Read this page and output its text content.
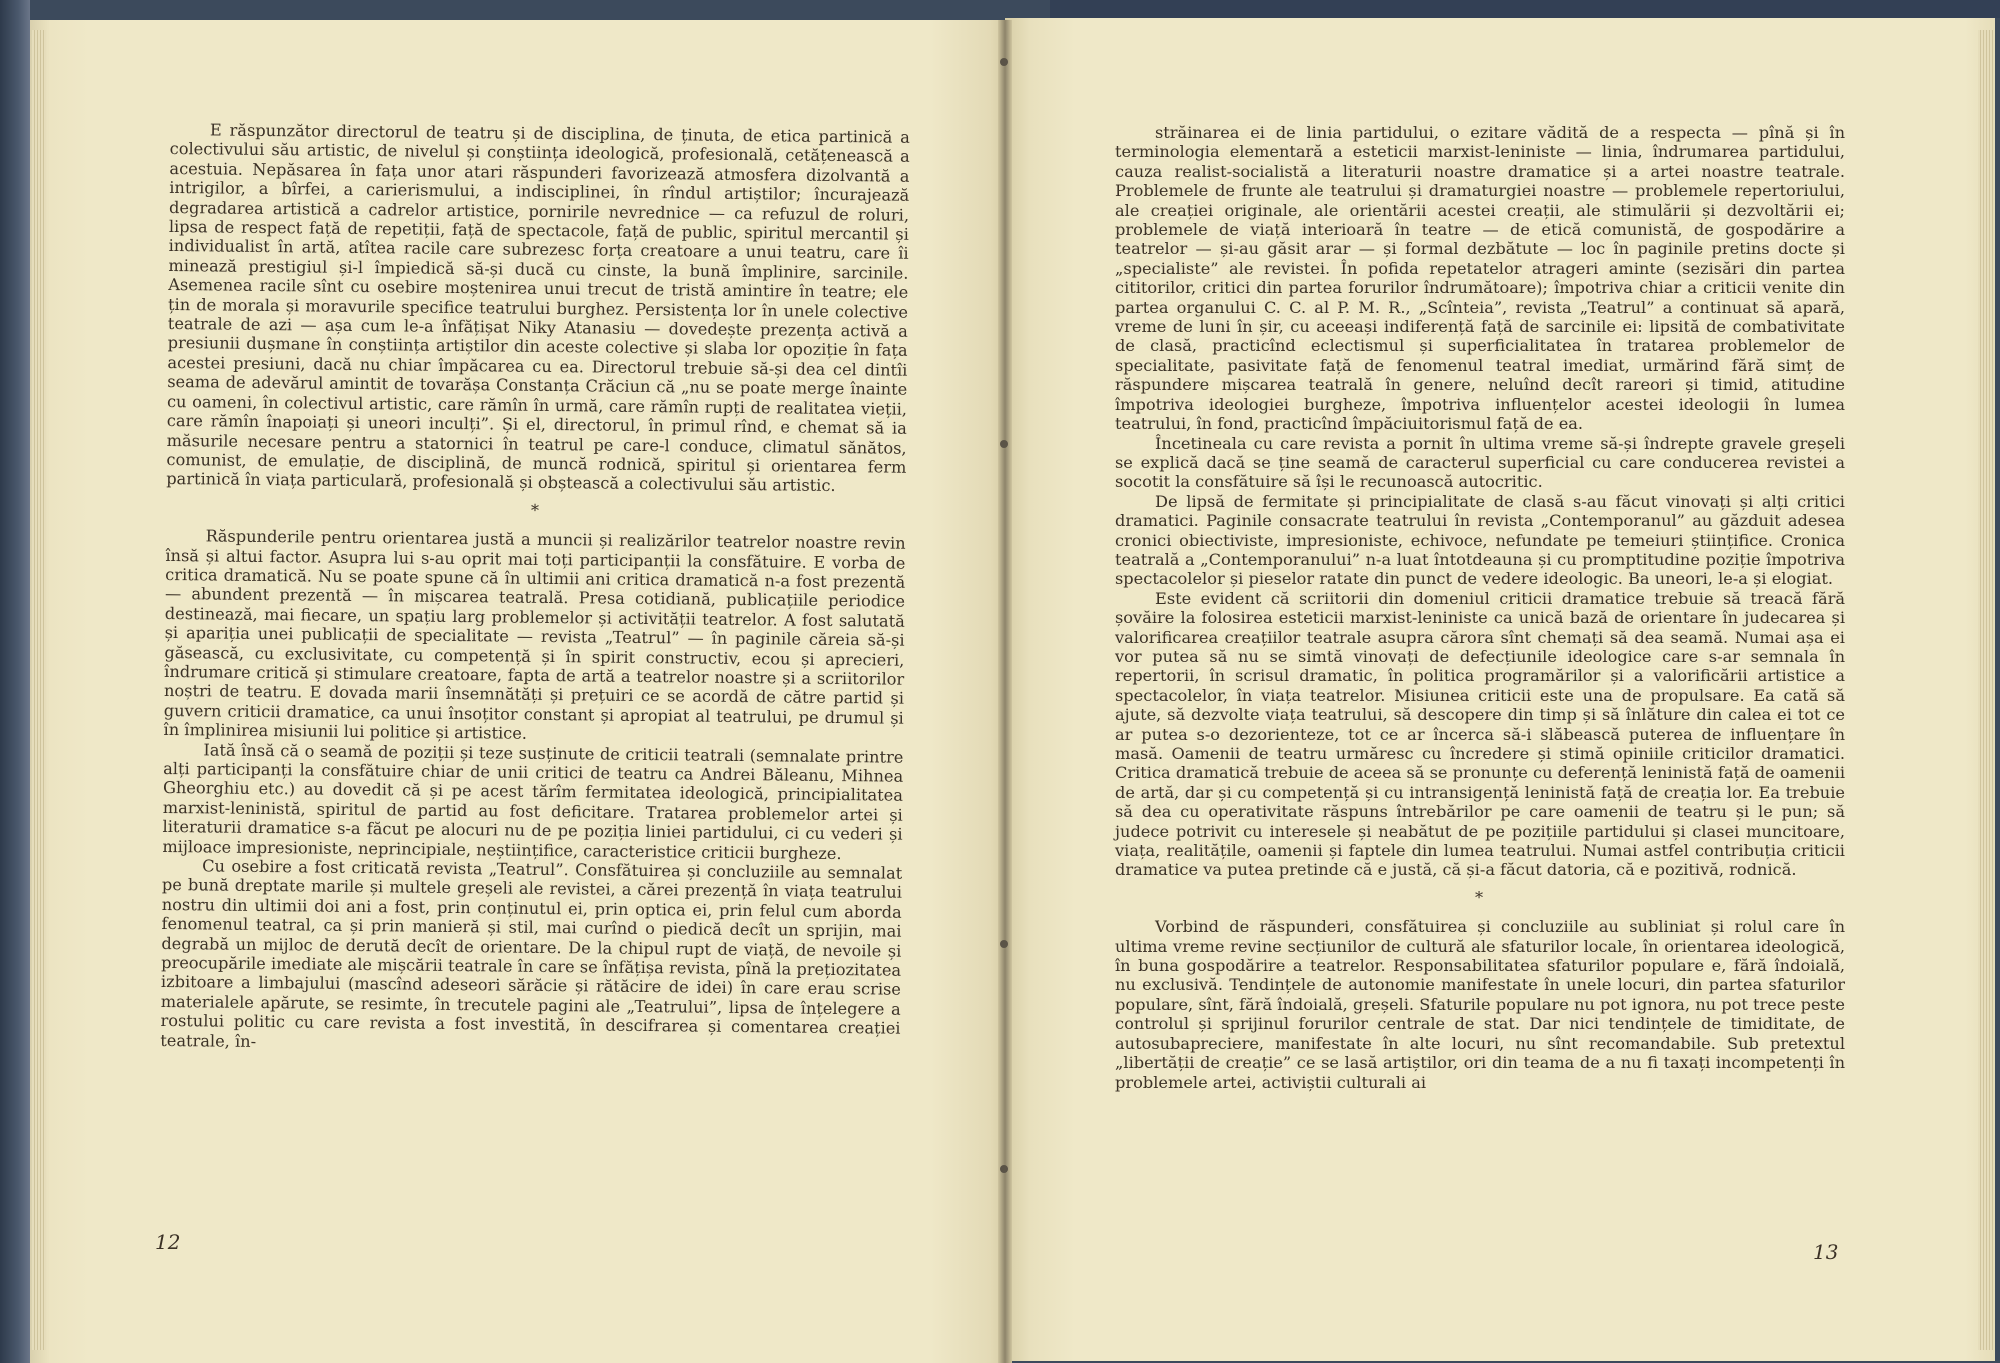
E răspunzător directorul de teatru și de disciplina, de ținuta, de etica partinică a colectivului său artistic, de nivelul și conștiința ideologică, profesională, cetățenească a acestuia. Nepăsarea în fața unor atari răspunderi favorizează atmosfera dizolvantă a intrigilor, a bîrfei, a carierismului, a indisciplinei, în rîndul artiștilor; încurajează degradarea artistică a cadrelor artistice, pornirile nevrednice — ca refuzul de roluri, lipsa de respect față de repetiții, față de spectacole, față de public, spiritul mercantil și individualist în artă, atîtea racile care subrezesc forța creatoare a unui teatru, care îi minează prestigiul și-l împiedică să-și ducă cu cinste, la bună împlinire, sarcinile. Asemenea racile sînt cu osebire moștenirea unui trecut de tristă amintire în teatre; ele țin de morala și moravurile specifice teatrului burghez. Persistența lor în unele colective teatrale de azi — așa cum le-a înfățișat Niky Atanasiu — dovedește prezența activă a presiunii dușmane în conștiința artiștilor din aceste colective și slaba lor opoziție în fața acestei presiuni, dacă nu chiar împăcarea cu ea. Directorul trebuie să-și dea cel dintîi seama de adevărul amintit de tovarășa Constanța Crăciun că „nu se poate merge înainte cu oameni, în colectivul artistic, care rămîn în urmă, care rămîn rupți de realitatea vieții, care rămîn înapoiați și uneori inculți”. Și el, directorul, în primul rînd, e chemat să ia măsurile necesare pentru a statornici în teatrul pe care-l conduce, climatul sănătos, comunist, de emulație, de disciplină, de muncă rodnică, spiritul și orientarea ferm partinică în viața particulară, profesională și obștească a colectivului său artistic.

*

Răspunderile pentru orientarea justă a muncii și realizărilor teatrelor noastre revin însă și altui factor. Asupra lui s-au oprit mai toți participanții la consfătuire. E vorba de critica dramatică. Nu se poate spune că în ultimii ani critica dramatică n-a fost prezentă — abundent prezentă — în mișcarea teatrală. Presa cotidiană, publicațiile periodice destinează, mai fiecare, un spațiu larg problemelor și activității teatrelor. A fost salutată și apariția unei publicații de specialitate — revista „Teatrul” — în paginile căreia să-și găsească, cu exclusivitate, cu competență și în spirit constructiv, ecou și aprecieri, îndrumare critică și stimulare creatoare, fapta de artă a teatrelor noastre și a scriitorilor noștri de teatru. E dovada marii însemnătăți și prețuiri ce se acordă de către partid și guvern criticii dramatice, ca unui însoțitor constant și apropiat al teatrului, pe drumul și în împlinirea misiunii lui politice și artistice.

Iată însă că o seamă de poziții și teze susținute de criticii teatrali (semnalate printre alți participanți la consfătuire chiar de unii critici de teatru ca Andrei Băleanu, Mihnea Gheorghiu etc.) au dovedit că și pe acest tărîm fermitatea ideologică, principialitatea marxist-leninistă, spiritul de partid au fost deficitare. Tratarea problemelor artei și literaturii dramatice s-a făcut pe alocuri nu de pe poziția liniei partidului, ci cu vederi și mijloace impresioniste, neprincipiale, neștiințifice, caracteristice criticii burgheze.

Cu osebire a fost criticată revista „Teatrul”. Consfătuirea și concluziile au semnalat pe bună dreptate marile și multele greșeli ale revistei, a cărei prezență în viața teatrului nostru din ultimii doi ani a fost, prin conținutul ei, prin optica ei, prin felul cum aborda fenomenul teatral, ca și prin manieră și stil, mai curînd o piedică decît un sprijin, mai degrabă un mijloc de derută decît de orientare. De la chipul rupt de viață, de nevoile și preocupările imediate ale mișcării teatrale în care se înfățișa revista, pînă la prețiozitatea izbitoare a limbajului (mascînd adeseori sărăcie și rătăcire de idei) în care erau scrise materialele apărute, se resimte, în trecutele pagini ale „Teatrului”, lipsa de înțelegere a rostului politic cu care revista a fost investită, în descifrarea și comentarea creației teatrale, în-

12

străinarea ei de linia partidului, o ezitare vădită de a respecta — pînă și în terminologia elementară a esteticii marxist-leniniste — linia, îndrumarea partidului, cauza realist-socialistă a literaturii noastre dramatice și a artei noastre teatrale. Problemele de frunte ale teatrului și dramaturgiei noastre — problemele repertoriului, ale creației originale, ale orientării acestei creații, ale stimulării și dezvoltării ei; problemele de viață interioară în teatre — de etică comunistă, de gospodărire a teatrelor — și-au găsit arar — și formal dezbătute — loc în paginile pretins docte și „specialiste” ale revistei. În pofida repetatelor atrageri aminte (sezisări din partea cititorilor, critici din partea forurilor îndrumătoare); împotriva chiar a criticii venite din partea organului C. C. al P. M. R., „Scînteia”, revista „Teatrul” a continuat să apară, vreme de luni în șir, cu aceeași indiferență față de sarcinile ei: lipsită de combativitate de clasă, practicînd eclectismul și superficialitatea în tratarea problemelor de specialitate, pasivitate față de fenomenul teatral imediat, urmărind fără simț de răspundere mișcarea teatrală în genere, neluînd decît rareori și timid, atitudine împotriva ideologiei burgheze, împotriva influențelor acestei ideologii în lumea teatrului, în fond, practicînd împăciuitorismul față de ea.

Încetineala cu care revista a pornit în ultima vreme să-și îndrepte gravele greșeli se explică dacă se ține seamă de caracterul superficial cu care conducerea revistei a socotit la consfătuire să își le recunoască autocritic.

De lipsă de fermitate și principialitate de clasă s-au făcut vinovați și alți critici dramatici. Paginile consacrate teatrului în revista „Contemporanul” au găzduit adesea cronici obiectiviste, impresioniste, echivoce, nefundate pe temeiuri științifice. Cronica teatrală a „Contemporanului” n-a luat întotdeauna și cu promptitudine poziție împotriva spectacolelor și pieselor ratate din punct de vedere ideologic. Ba uneori, le-a și elogiat.

Este evident că scriitorii din domeniul criticii dramatice trebuie să treacă fără șovăire la folosirea esteticii marxist-leniniste ca unică bază de orientare în judecarea și valorificarea creațiilor teatrale asupra cărora sînt chemați să dea seamă. Numai așa ei vor putea să nu se simtă vinovați de defecțiunile ideologice care s-ar semnala în repertorii, în scrisul dramatic, în politica programărilor și a valorificării artistice a spectacolelor, în viața teatrelor. Misiunea criticii este una de propulsare. Ea cată să ajute, să dezvolte viața teatrului, să descopere din timp și să înlăture din calea ei tot ce ar putea s-o dezorienteze, tot ce ar încerca să-i slăbească puterea de influențare în masă. Oamenii de teatru urmăresc cu încredere și stimă opiniile criticilor dramatici. Critica dramatică trebuie de aceea să se pronunțe cu deferență leninistă față de oamenii de artă, dar și cu competență și cu intransigență leninistă față de creația lor. Ea trebuie să dea cu operativitate răspuns întrebărilor pe care oamenii de teatru și le pun; să judece potrivit cu interesele și neabătut de pe pozițiile partidului și clasei muncitoare, viața, realitățile, oamenii și faptele din lumea teatrului. Numai astfel contribuția criticii dramatice va putea pretinde că e justă, că și-a făcut datoria, că e pozitivă, rodnică.

*

Vorbind de răspunderi, consfătuirea și concluziile au subliniat și rolul care în ultima vreme revine secțiunilor de cultură ale sfaturilor locale, în orientarea ideologică, în buna gospodărire a teatrelor. Responsabilitatea sfaturilor populare e, fără îndoială, nu exclusivă. Tendințele de autonomie manifestate în unele locuri, din partea sfaturilor populare, sînt, fără îndoială, greșeli. Sfaturile populare nu pot ignora, nu pot trece peste controlul și sprijinul forurilor centrale de stat. Dar nici tendințele de timiditate, de autosubapreciere, manifestate în alte locuri, nu sînt recomandabile. Sub pretextul „libertății de creație” ce se lasă artiștilor, ori din teama de a nu fi taxați incompetenți în problemele artei, activiștii culturali ai

13
